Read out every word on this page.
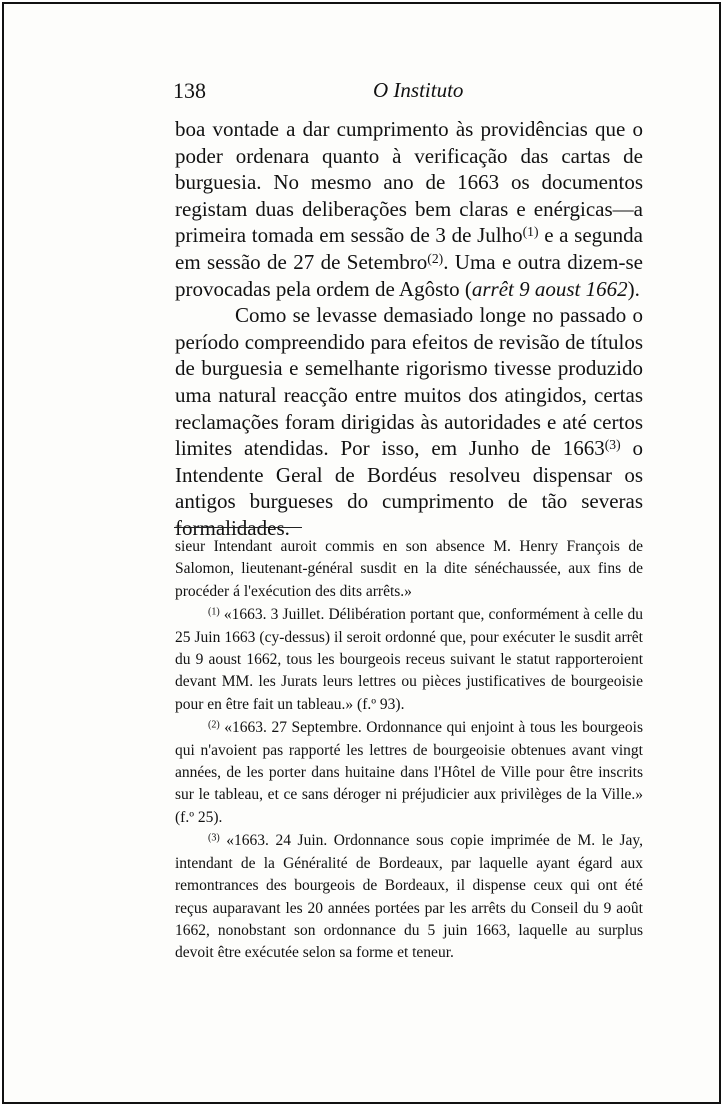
138	O Instituto

boa vontade a dar cumprimento às providências que o poder ordenara quanto à verificação das cartas de burguesia. No mesmo ano de 1663 os documentos registam duas deliberações bem claras e enérgicas—a primeira tomada em sessão de 3 de Julho$^{(1)}$ e a segunda em sessão de 27 de Setembro$^{(2)}$. Uma e outra dizem-se provocadas pela ordem de Agôsto (arrêt 9 aoust 1662).

Como se levasse demasiado longe no passado o período compreendido para efeitos de revisão de títulos de burguesia e semelhante rigorismo tivesse produzido uma natural reacção entre muitos dos atingidos, certas reclamações foram dirigidas às autoridades e até certos limites atendidas. Por isso, em Junho de 1663$^{(3)}$ o Intendente Geral de Bordéus resolveu dispensar os antigos burgueses do cumprimento de tão severas formalidades.

sieur Intendant auroit commis en son absence M. Henry François de Salomon, lieutenant-général susdit en la dite sénéchaussée, aux fins de procéder á l'exécution des dits arrêts.»

$^{(1)}$ «1663. 3 Juillet. Délibération portant que, conformément à celle du 25 Juin 1663 (cy-dessus) il seroit ordonné que, pour exécuter le susdit arrêt du 9 aoust 1662, tous les bourgeois receus suivant le statut rapporteroient devant MM. les Jurats leurs lettres ou pièces justificatives de bourgeoisie pour en être fait un tableau.» (f.º 93).

$^{(2)}$ «1663. 27 Septembre. Ordonnance qui enjoint à tous les bourgeois qui n'avoient pas rapporté les lettres de bourgeoisie obtenues avant vingt années, de les porter dans huitaine dans l'Hôtel de Ville pour être inscrits sur le tableau, et ce sans déroger ni préjudicier aux privilèges de la Ville.» (f.º 25).

$^{(3)}$ «1663. 24 Juin. Ordonnance sous copie imprimée de M. le Jay, intendant de la Généralité de Bordeaux, par laquelle ayant égard aux remontrances des bourgeois de Bordeaux, il dispense ceux qui ont été reçus auparavant les 20 années portées par les arrêts du Conseil du 9 août 1662, nonobstant son ordonnance du 5 juin 1663, laquelle au surplus devoit être exécutée selon sa forme et teneur.
